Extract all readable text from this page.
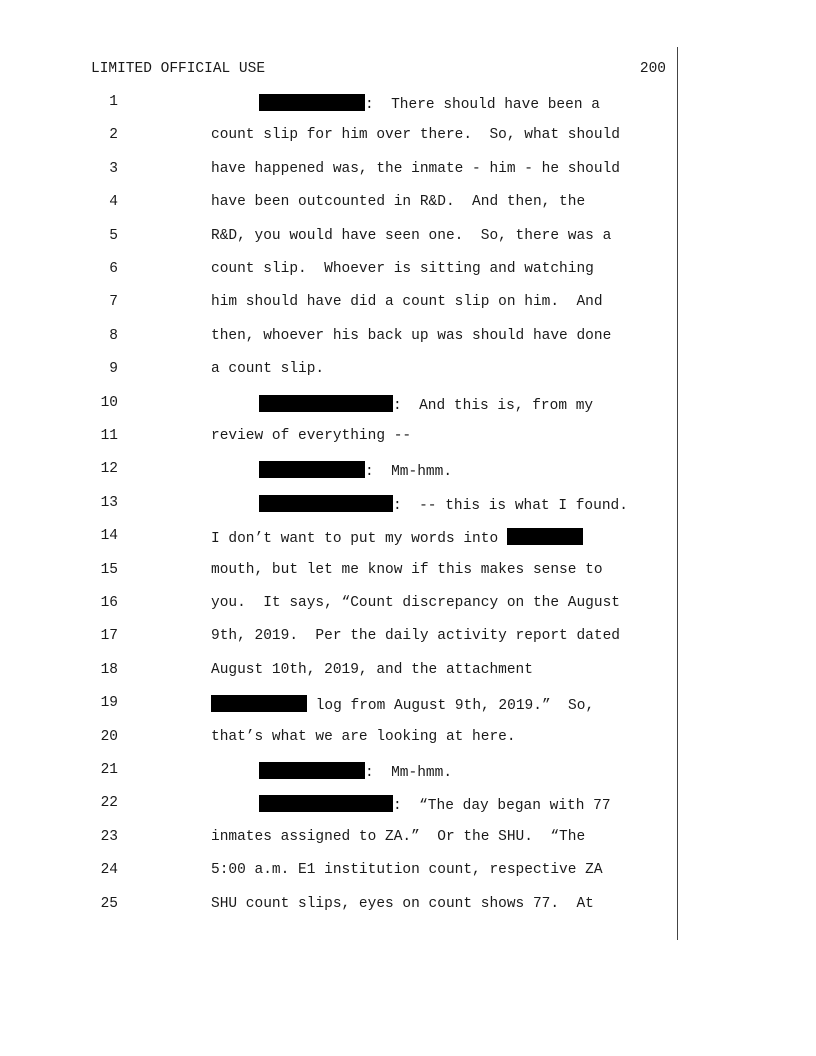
LIMITED OFFICIAL USE	200
1	:  There should have been a
2	count slip for him over there.  So, what should
3	have happened was, the inmate - him - he should
4	have been outcounted in R&D.  And then, the
5	R&D, you would have seen one.  So, there was a
6	count slip.  Whoever is sitting and watching
7	him should have did a count slip on him.  And
8	then, whoever his back up was should have done
9	a count slip.
10	:  And this is, from my
11	review of everything --
12	:  Mm-hmm.
13	:  -- this is what I found.
14	I don’t want to put my words into
15	mouth, but let me know if this makes sense to
16	you.  It says, “Count discrepancy on the August
17	9th, 2019.  Per the daily activity report dated
18	August 10th, 2019, and the attachment
19	log from August 9th, 2019.”  So,
20	that’s what we are looking at here.
21	:  Mm-hmm.
22	:  “The day began with 77
23	inmates assigned to ZA.”  Or the SHU.  “The
24	5:00 a.m. E1 institution count, respective ZA
25	SHU count slips, eyes on count shows 77.  At
